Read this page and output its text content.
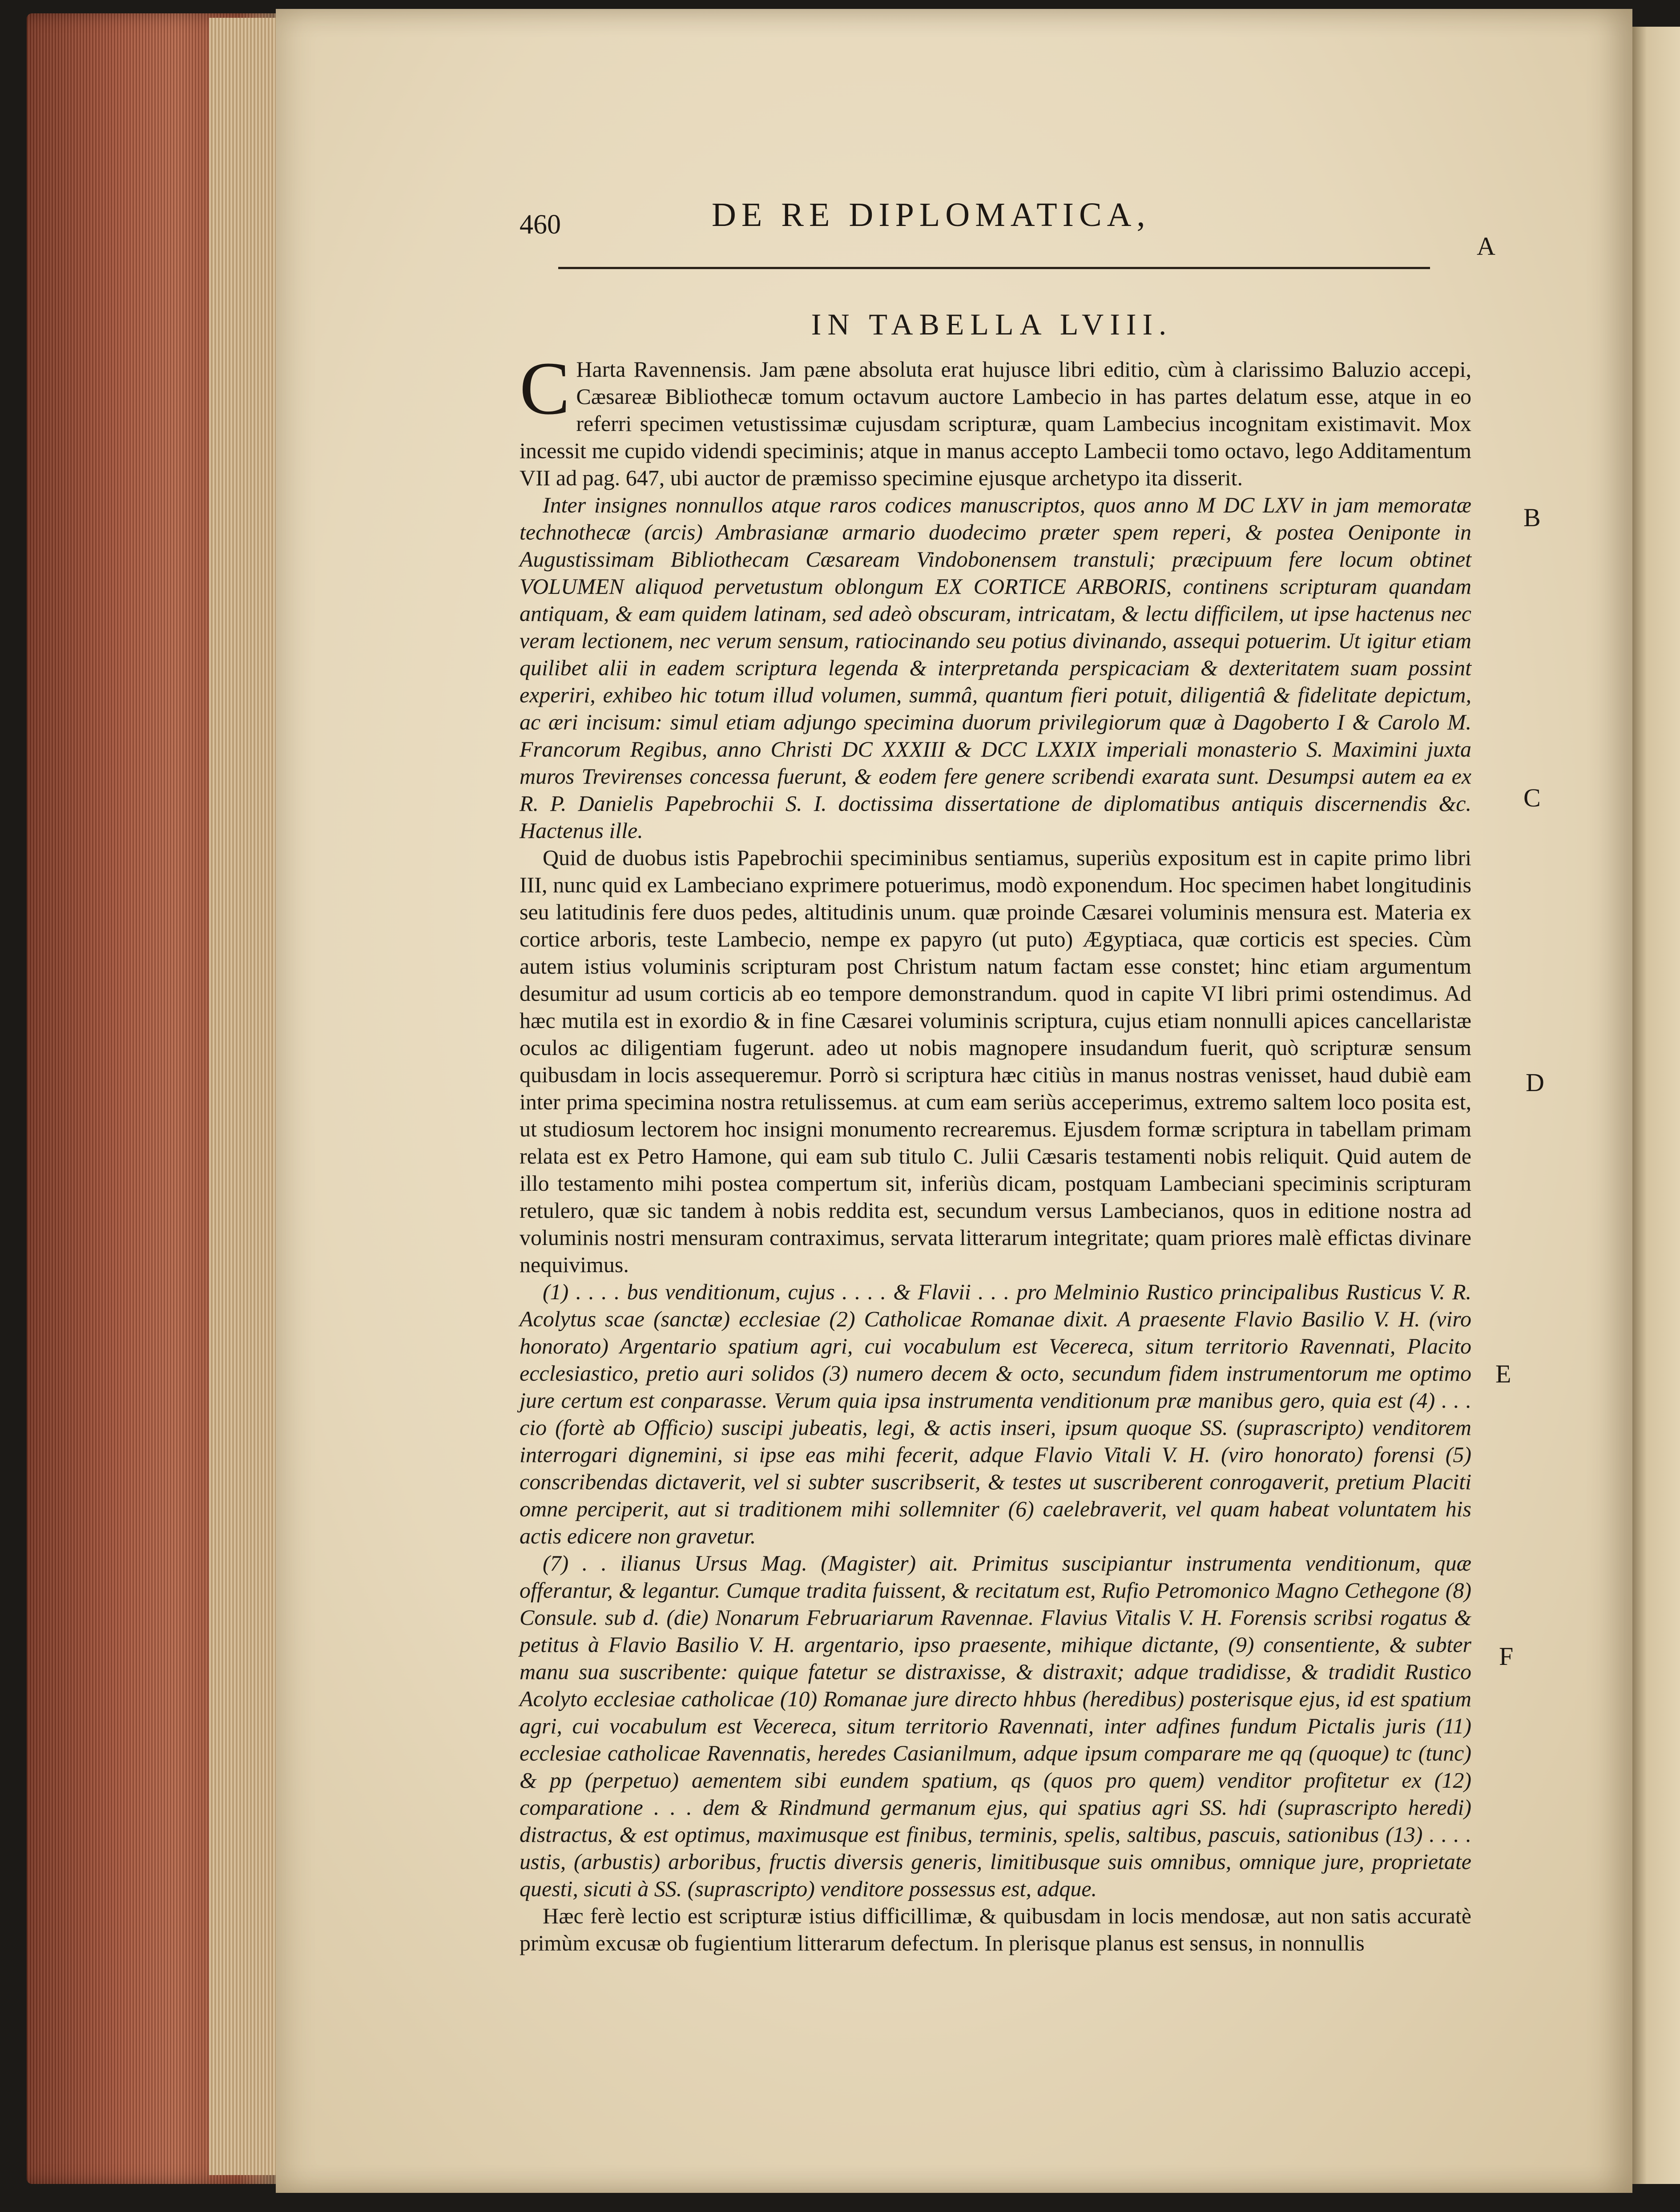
460	DE RE DIPLOMATICA,
IN TABELLA LVIII.
A
B
C
D
E
F

C Harta Ravennensis. Jam pæne absoluta erat hujusce libri editio, cùm à clarissimo Baluzio accepi, Cæsareæ Bibliothecæ tomum octavum auctore Lambecio in has partes delatum esse, atque in eo referri specimen vetustissimæ cujusdam scripturæ, quam Lambecius incognitam existimavit. Mox incessit me cupido videndi speciminis; atque in manus accepto Lambecii tomo octavo, lego Additamentum VII ad pag. 647, ubi auctor de præmisso specimine ejusque archetypo ita disserit.

Inter insignes nonnullos atque raros codices manuscriptos, quos anno M DC LXV in jam memoratæ technothecæ (arcis) Ambrasianæ armario duodecimo præter spem reperi, & postea Oeniponte in Augustissimam Bibliothecam Cæsaream Vindobonensem transtuli; præcipuum fere locum obtinet VOLUMEN aliquod pervetustum oblongum EX CORTICE ARBORIS, continens scripturam quandam antiquam, & eam quidem latinam, sed adeò obscuram, intricatam, & lectu difficilem, ut ipse hactenus nec veram lectionem, nec verum sensum, ratiocinando seu potius divinando, assequi potuerim. Ut igitur etiam quilibet alii in eadem scriptura legenda & interpretanda perspicaciam & dexteritatem suam possint experiri, exhibeo hic totum illud volumen, summâ, quantum fieri potuit, diligentiâ & fidelitate depictum, ac æri incisum: simul etiam adjungo specimina duorum privilegiorum quæ à Dagoberto I & Carolo M. Francorum Regibus, anno Christi DC XXXIII & DCC LXXIX imperiali monasterio S. Maximini juxta muros Trevirenses concessa fuerunt, & eodem fere genere scribendi exarata sunt. Desumpsi autem ea ex R. P. Danielis Papebrochii S. I. doctissima dissertatione de diplomatibus antiquis discernendis &c. Hactenus ille.

Quid de duobus istis Papebrochii speciminibus sentiamus, superiùs expositum est in capite primo libri III, nunc quid ex Lambeciano exprimere potuerimus, modò exponendum. Hoc specimen habet longitudinis seu latitudinis fere duos pedes, altitudinis unum. quæ proinde Cæsarei voluminis mensura est. Materia ex cortice arboris, teste Lambecio, nempe ex papyro (ut puto) Ægyptiaca, quæ corticis est species. Cùm autem istius voluminis scripturam post Christum natum factam esse constet; hinc etiam argumentum desumitur ad usum corticis ab eo tempore demonstrandum. quod in capite VI libri primi ostendimus. Ad hæc mutila est in exordio & in fine Cæsarei voluminis scriptura, cujus etiam nonnulli apices cancellaristæ oculos ac diligentiam fugerunt. adeo ut nobis magnopere insudandum fuerit, quò scripturæ sensum quibusdam in locis assequeremur. Porrò si scriptura hæc citiùs in manus nostras venisset, haud dubiè eam inter prima specimina nostra retulissemus. at cum eam seriùs acceperimus, extremo saltem loco posita est, ut studiosum lectorem hoc insigni monumento recrearemus. Ejusdem formæ scriptura in tabellam primam relata est ex Petro Hamone, qui eam sub titulo C. Julii Cæsaris testamenti nobis reliquit. Quid autem de illo testamento mihi postea compertum sit, inferiùs dicam, postquam Lambeciani speciminis scripturam retulero, quæ sic tandem à nobis reddita est, secundum versus Lambecianos, quos in editione nostra ad voluminis nostri mensuram contraximus, servata litterarum integritate; quam priores malè effictas divinare nequivimus.

(1) . . . . bus venditionum, cujus . . . . & Flavii . . . pro Melminio Rustico principalibus Rusticus V. R. Acolytus scae (sanctæ) ecclesiae (2) Catholicae Romanae dixit. A praesente Flavio Basilio V. H. (viro honorato) Argentario spatium agri, cui vocabulum est Vecereca, situm territorio Ravennati, Placito ecclesiastico, pretio auri solidos (3) numero decem & octo, secundum fidem instrumentorum me optimo jure certum est conparasse. Verum quia ipsa instrumenta venditionum præ manibus gero, quia est (4) . . . cio (fortè ab Officio) suscipi jubeatis, legi, & actis inseri, ipsum quoque SS. (suprascripto) venditorem interrogari dignemini, si ipse eas mihi fecerit, adque Flavio Vitali V. H. (viro honorato) forensi (5) conscribendas dictaverit, vel si subter suscribserit, & testes ut suscriberent conrogaverit, pretium Placiti omne perciperit, aut si traditionem mihi sollemniter (6) caelebraverit, vel quam habeat voluntatem his actis edicere non gravetur.

(7) . . ilianus Ursus Mag. (Magister) ait. Primitus suscipiantur instrumenta venditionum, quæ offerantur, & legantur. Cumque tradita fuissent, & recitatum est, Rufio Petromonico Magno Cethegone (8) Consule. sub d. (die) Nonarum Februariarum Ravennae. Flavius Vitalis V. H. Forensis scribsi rogatus & petitus à Flavio Basilio V. H. argentario, ipso praesente, mihique dictante, (9) consentiente, & subter manu sua suscribente: quique fatetur se distraxisse, & distraxit; adque tradidisse, & tradidit Rustico Acolyto ecclesiae catholicae (10) Romanae jure directo hhbus (heredibus) posterisque ejus, id est spatium agri, cui vocabulum est Vecereca, situm territorio Ravennati, inter adfines fundum Pictalis juris (11) ecclesiae catholicae Ravennatis, heredes Casianilmum, adque ipsum comparare me qq (quoque) tc (tunc) & pp (perpetuo) aementem sibi eundem spatium, qs (quos pro quem) venditor profitetur ex (12) comparatione . . . dem & Rindmund germanum ejus, qui spatius agri SS. hdi (suprascripto heredi) distractus, & est optimus, maximusque est finibus, terminis, spelis, saltibus, pascuis, sationibus (13) . . . . ustis, (arbustis) arboribus, fructis diversis generis, limitibusque suis omnibus, omnique jure, proprietate questi, sicuti à SS. (suprascripto) venditore possessus est, adque.

Hæc ferè lectio est scripturæ istius difficillimæ, & quibusdam in locis mendosæ, aut non satis accuratè primùm excusæ ob fugientium litterarum defectum. In plerisque planus est sensus, in nonnullis
